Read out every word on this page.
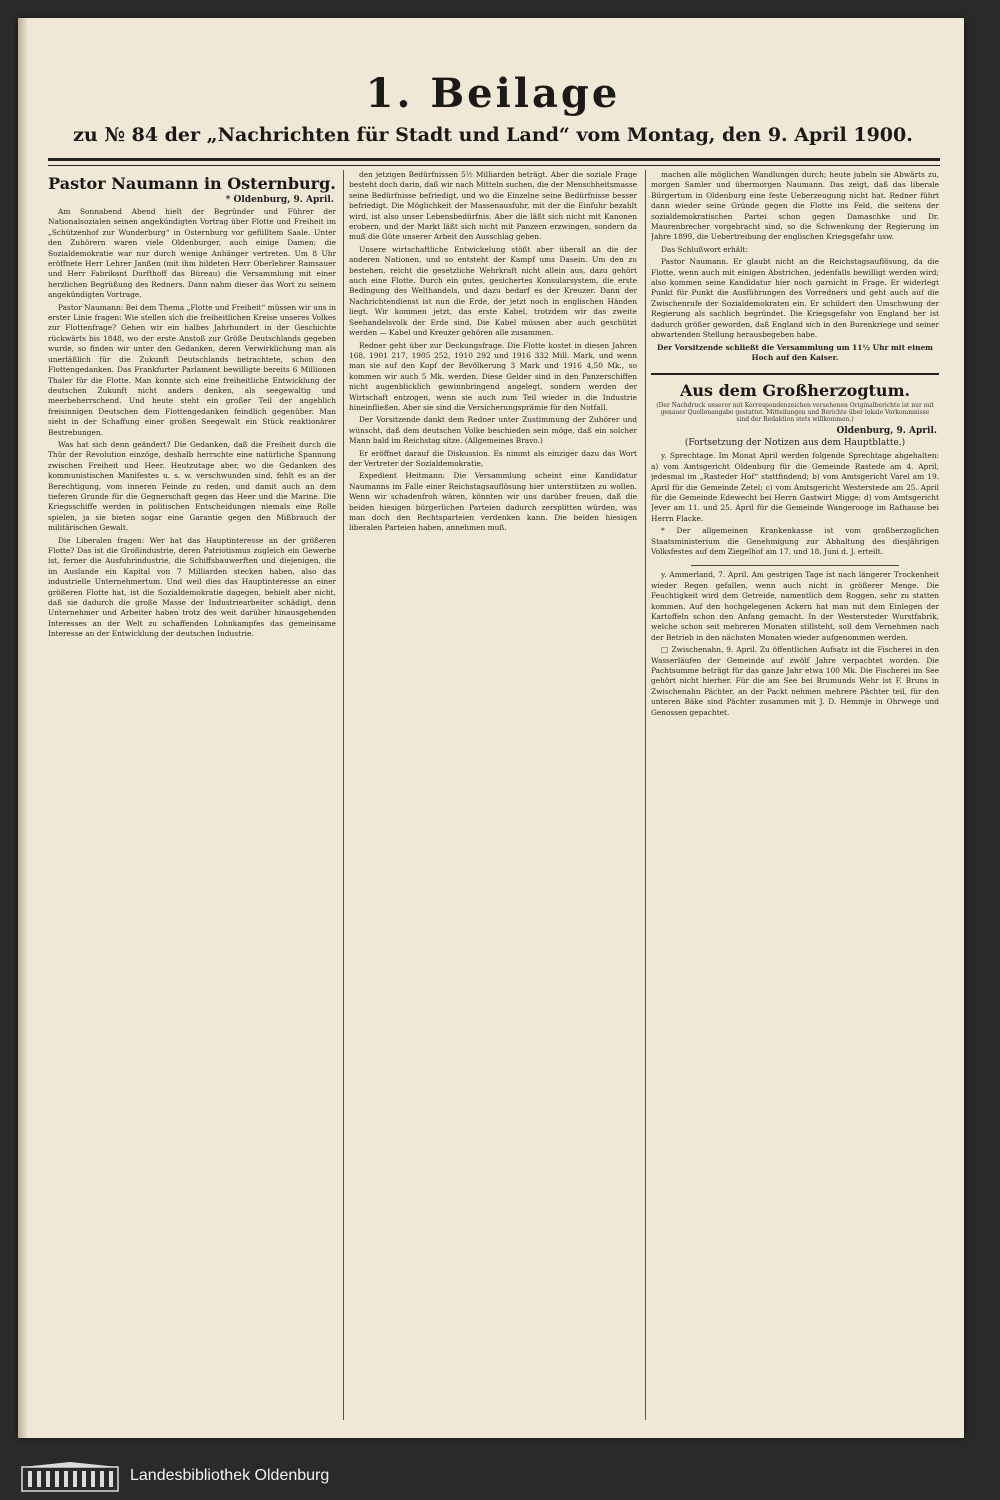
1. Beilage
zu № 84 der „Nachrichten für Stadt und Land“ vom Montag, den 9. April 1900.
Pastor Naumann in Osternburg.
* Oldenburg, 9. April.

Am Sonnabend Abend hielt der Begründer und Führer der Nationalsozialen seinen angekündigten Vortrag über Flotte und Freiheit im „Schützenhof zur Wunderburg“ in Osternburg vor gefülltem Saale. Unter den Zuhörern waren viele Oldenburger, auch einige Damen; die Sozialdemokratie war nur durch wenige Anhänger vertreten. Um 8 Uhr eröffnete Herr Lehrer Janßen (mit ihm bildeten Herr Oberlehrer Ramsauer und Herr Fabrikant Durfthoff das Büreau) die Versammlung mit einer herzlichen Begrüßung des Redners. Dann nahm dieser das Wort zu seinem angekündigten Vortrage.

Pastor Naumann: Bei dem Thema „Flotte und Freiheit“ müssen wir uns in erster Linie fragen: Wie stellen sich die freiheitlichen Kreise unseres Volkes zur Flottenfrage? Gehen wir ein halbes Jahrhundert in der Geschichte rückwärts bis 1848, wo der erste Anstoß zur Größe Deutschlands gegeben wurde, so finden wir unter den Gedanken, deren Verwirklichung man als unerläßlich für die Zukunft Deutschlands betrachtete, schon den Flottengedanken. Das Frankfurter Parlament bewilligte bereits 6 Millionen Thaler für die Flotte. Man konnte sich eine freiheitliche Entwicklung der deutschen Zukunft nicht anders denken, als seegewaltig und meerbeherrschend. Und heute steht ein großer Teil der angeblich freisinnigen Deutschen dem Flottengedanken feindlich gegenüber. Man sieht in der Schaffung einer großen Seegewalt ein Stück reaktionärer Bestrebungen.

Was hat sich denn geändert? Die Gedanken, daß die Freiheit durch die Thür der Revolution einzöge, deshalb herrschte eine natürliche Spannung zwischen Freiheit und Heer. Heutzutage aber, wo die Gedanken des kommunistischen Manifestes u. s. w. verschwunden sind, fehlt es an der Berechtigung, vom inneren Feinde zu reden, und damit auch an dem tieferen Grunde für die Gegnerschaft gegen das Heer und die Marine. Die Kriegsschiffe werden in politischen Entscheidungen niemals eine Rolle spielen, ja sie bieten sogar eine Garantie gegen den Mißbrauch der militärischen Gewalt.

Die Liberalen fragen: Wer hat das Hauptinteresse an der größeren Flotte? Das ist die Großindustrie, deren Patriotismus zugleich ein Gewerbe ist, ferner die Ausfuhrindustrie, die Schiffsbauwerften und diejenigen, die im Auslande ein Kapital von 7 Milliarden stecken haben, also das industrielle Unternehmertum. Und weil dies das Hauptinteresse an einer größeren Flotte hat, ist die Sozialdemokratie dagegen, behielt aber nicht, daß sie dadurch die große Masse der Industriearbeiter schädigt, denn Unternehmer und Arbeiter haben trotz des weit darüber hinausgehenden Interesses an der Welt zu schaffenden Lohnkampfes das gemeinsame Interesse an der Entwicklung der deutschen Industrie.

den jetzigen Bedürfnissen 5½ Milliarden beträgt. Aber die soziale Frage besteht doch darin, daß wir nach Mitteln suchen, die der Menschheitsmasse seine Bedürfnisse befriedigt, und wo die Einzelne seine Bedürfnisse besser befriedigt. Die Möglichkeit der Massenausfuhr, mit der die Einfuhr bezahlt wird, ist also unser Lebensbedürfnis. Aber die läßt sich nicht mit Kanonen erobern, und der Markt läßt sich nicht mit Panzern erzwingen, sondern da muß die Güte unserer Arbeit den Ausschlag geben.

Unsere wirtschaftliche Entwickelung stößt aber überall an die der anderen Nationen, und so entsteht der Kampf ums Dasein. Um den zu bestehen, reicht die gesetzliche Wehrkraft nicht allein aus, dazu gehört auch eine Flotte. Durch ein gutes, gesichertes Konsularsystem, die erste Bedingung des Welthandels, und dazu bedarf es der Kreuzer. Dann der Nachrichtendienst ist nun die Erde, der jetzt noch in englischen Händen liegt. Wir kommen jetzt, das erste Kabel, trotzdem wir das zweite Seehandelsvolk der Erde sind. Die Kabel müssen aber auch geschützt werden — Kabel und Kreuzer gehören alle zusammen.

Redner geht über zur Deckungsfrage. Die Flotte kostet in diesen Jahren 168, 1901 217, 1905 252, 1910 292 und 1916 332 Mill. Mark, und wenn man sie auf den Kopf der Bevölkerung 3 Mark und 1916 4,50 Mk., so kommen wir auch 5 Mk. werden. Diese Gelder sind in den Panzerschiffen nicht augenblicklich gewinnbringend angelegt, sondern werden der Wirtschaft entzogen, wenn sie auch zum Teil wieder in die Industrie hineinfließen. Aber sie sind die Versicherungsprämie für den Notfall.

Der Vorsitzende dankt dem Redner unter Zustimmung der Zuhörer und wünscht, daß dem deutschen Volke beschieden sein möge, daß ein solcher Mann bald im Reichstag sitze. (Allgemeines Bravo.)

Er eröffnet darauf die Diskussion. Es nimmt als einziger dazu das Wort der Vertreter der Sozialdemokratie,

Expedient Heitmann: Die Versammlung scheint eine Kandidatur Naumanns im Falle einer Reichstagsauflösung hier unterstützen zu wollen. Wenn wir schadenfroh wären, könnten wir uns darüber freuen, daß die beiden hiesigen bürgerlichen Parteien dadurch zersplitten würden, was man doch den Rechtsparteien verdenken kann. Die beiden hiesigen liberalen Parteien haben, annehmen muß.

machen alle möglichen Wandlungen durch; heute jubeln sie Abwärts zu, morgen Samler und übermorgen Naumann. Das zeigt, daß das liberale Bürgertum in Oldenburg eine feste Ueberzeugung nicht hat. Redner führt dann wieder seine Gründe gegen die Flotte ins Feld, die seitens der sozialdemokratischen Partei schon gegen Damaschke und Dr. Maurenbrecher vorgebracht sind, so die Schwenkung der Regierung im Jahre 1899, die Uebertreibung der englischen Kriegsgefahr usw.

Das Schlußwort erhält:

Pastor Naumann. Er glaubt nicht an die Reichstagsauflösung, da die Flotte, wenn auch mit einigen Abstrichen, jedenfalls bewilligt werden wird; also kommen seine Kandidatur hier noch garnicht in Frage. Er widerlegt Punkt für Punkt die Ausführungen des Vorredners und geht auch auf die Zwischenrufe der Sozialdemokraten ein. Er schildert den Umschwung der Regierung als sachlich begründet. Die Kriegsgefahr von England her ist dadurch größer geworden, daß England sich in den Burenkriege und seiner abwartenden Stellung herausbegeben habe.

Der Vorsitzende schließt die Versammlung um 11½ Uhr mit einem Hoch auf den Kaiser.

Aus dem Großherzogtum.
(Der Nachdruck unserer mit Korrespondenzeichen versehenen Originalberichte ist nur mit genauer Quellenangabe gestattet. Mitteilungen und Berichte über lokale Vorkommnisse sind der Redaktion stets willkommen.)
Oldenburg, 9. April.
(Fortsetzung der Notizen aus dem Hauptblatte.)

y. Sprechtage. Im Monat April werden folgende Sprechtage abgehalten: a) vom Amtsgericht Oldenburg für die Gemeinde Rastede am 4. April, jedesmal im „Rasteder Hof“ stattfindend; b) vom Amtsgericht Varel am 19. April für die Gemeinde Zetel; c) vom Amtsgericht Westerstede am 25. April für die Gemeinde Edewecht bei Herrn Gastwirt Migge; d) vom Amtsgericht Jever am 11. und 25. April für die Gemeinde Wangerooge im Rathause bei Herrn Flacke.

* Der allgemeinen Krankenkasse ist vom großherzoglichen Staatsministerium die Genehmigung zur Abhaltung des diesjährigen Volksfestes auf dem Ziegelhof am 17. und 18. Juni d. J. erteilt.

y. Ammerland, 7. April. Am gestrigen Tage ist nach längerer Trockenheit wieder Regen gefallen, wenn auch nicht in größerer Menge. Die Feuchtigkeit wird dem Getreide, namentlich dem Roggen, sehr zu statten kommen. Auf den hochgelegenen Ackern hat man mit dem Einlegen der Kartoffeln schon den Anfang gemacht. In der Westersteder Wurstfabrik, welche schon seit mehreren Monaten stillsteht, soll dem Vernehmen nach der Betrieb in den nächsten Monaten wieder aufgenommen werden.

□ Zwischenahn, 9. April. Zu öffentlichen Aufsatz ist die Fischerei in den Wasserläufen der Gemeinde auf zwölf Jahre verpachtet worden. Die Pachtsumme beträgt für das ganze Jahr etwa 100 Mk. Die Fischerei im See gehört nicht hierher. Für die am See bei Brumunds Wehr ist F. Bruns in Zwischenahn Pächter, an der Packt nehmen mehrere Pächter teil, für den unteren Bäke sind Pächter zusammen mit J. D. Hemmje in Ohrwege und Genossen gepachtet.

Landesbibliothek Oldenburg
